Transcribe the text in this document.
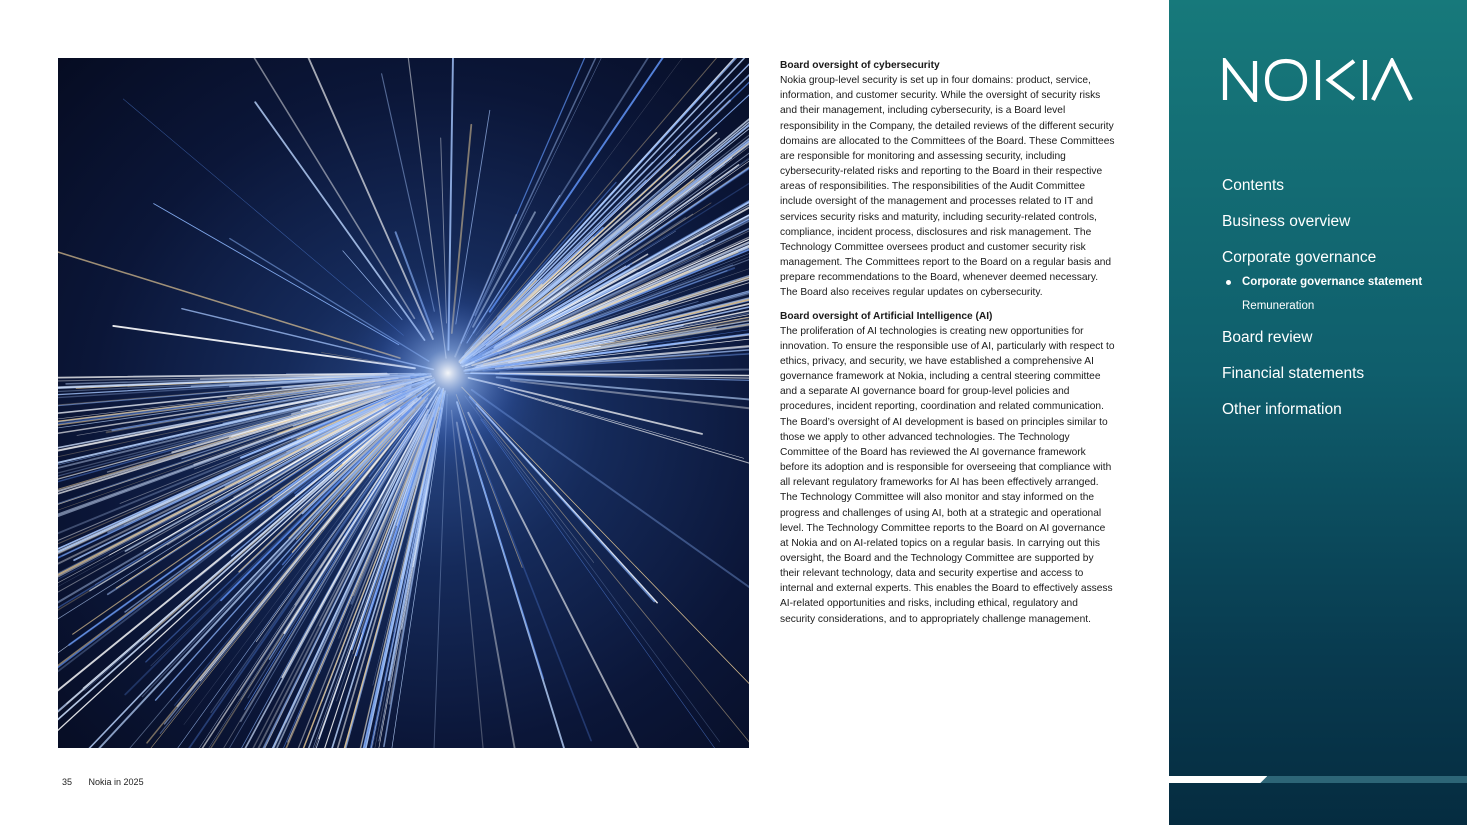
Board oversight of cybersecurity

Nokia group-level security is set up in four domains: product, service, information, and customer security. While the oversight of security risks and their management, including cybersecurity, is a Board level responsibility in the Company, the detailed reviews of the different security domains are allocated to the Committees of the Board. These Committees are responsible for monitoring and assessing security, including cybersecurity-related risks and reporting to the Board in their respective areas of responsibilities. The responsibilities of the Audit Committee include oversight of the management and processes related to IT and services security risks and maturity, including security-related controls, compliance, incident process, disclosures and risk management. The Technology Committee oversees product and customer security risk management. The Committees report to the Board on a regular basis and prepare recommendations to the Board, whenever deemed necessary. The Board also receives regular updates on cybersecurity.

Board oversight of Artificial Intelligence (AI)

The proliferation of AI technologies is creating new opportunities for innovation. To ensure the responsible use of AI, particularly with respect to ethics, privacy, and security, we have established a comprehensive AI governance framework at Nokia, including a central steering committee and a separate AI governance board for group-level policies and procedures, incident reporting, coordination and related communication. The Board’s oversight of AI development is based on principles similar to those we apply to other advanced technologies. The Technology Committee of the Board has reviewed the AI governance framework before its adoption and is responsible for overseeing that compliance with all relevant regulatory frameworks for AI has been effectively arranged. The Technology Committee will also monitor and stay informed on the progress and challenges of using AI, both at a strategic and operational level. The Technology Committee reports to the Board on AI governance at Nokia and on AI-related topics on a regular basis. In carrying out this oversight, the Board and the Technology Committee are supported by their relevant technology, data and security expertise and access to internal and external experts. This enables the Board to effectively assess AI-related opportunities and risks, including ethical, regulatory and security considerations, and to appropriately challenge management.

35 Nokia in 2025
Contents
Business overview
Corporate governance
Corporate governance statement
Remuneration
Board review
Financial statements
Other information
